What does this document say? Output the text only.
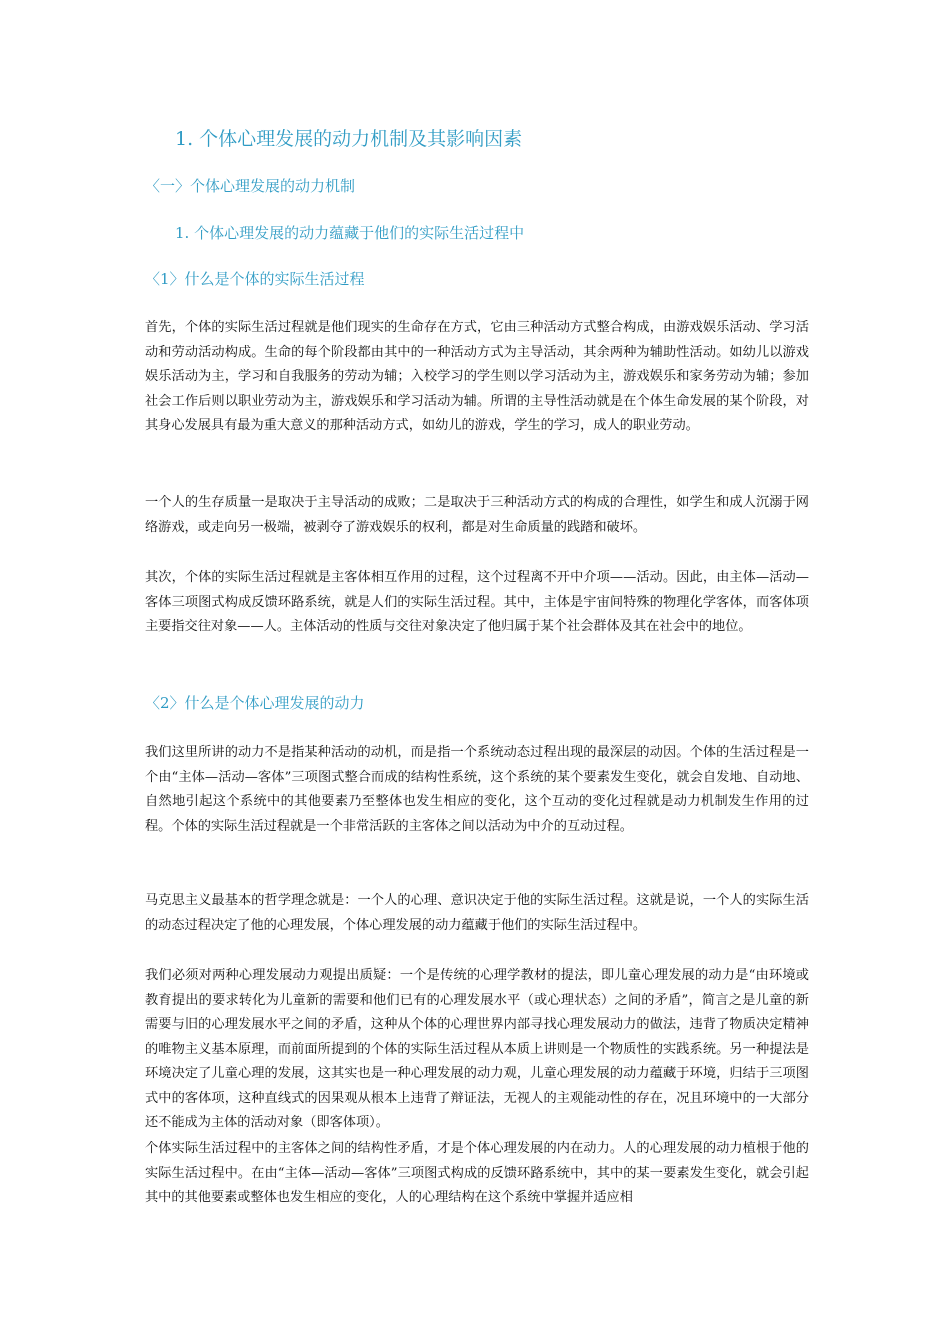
1. 个体心理发展的动力机制及其影响因素
〈一〉个体心理发展的动力机制
1. 个体心理发展的动力蕴藏于他们的实际生活过程中
〈1〉什么是个体的实际生活过程

首先，个体的实际生活过程就是他们现实的生命存在方式，它由三种活动方式整合构成，由游戏娱乐活动、学习活动和劳动活动构成。生命的每个阶段都由其中的一种活动方式为主导活动，其余两种为辅助性活动。如幼儿以游戏娱乐活动为主，学习和自我服务的劳动为辅；入校学习的学生则以学习活动为主，游戏娱乐和家务劳动为辅；参加社会工作后则以职业劳动为主，游戏娱乐和学习活动为辅。所谓的主导性活动就是在个体生命发展的某个阶段，对其身心发展具有最为重大意义的那种活动方式，如幼儿的游戏，学生的学习，成人的职业劳动。

一个人的生存质量一是取决于主导活动的成败；二是取决于三种活动方式的构成的合理性，如学生和成人沉溺于网络游戏，或走向另一极端，被剥夺了游戏娱乐的权利，都是对生命质量的践踏和破坏。

其次，个体的实际生活过程就是主客体相互作用的过程，这个过程离不开中介项——活动。因此，由主体—活动—客体三项图式构成反馈环路系统，就是人们的实际生活过程。其中，主体是宇宙间特殊的物理化学客体，而客体项主要指交往对象——人。主体活动的性质与交往对象决定了他归属于某个社会群体及其在社会中的地位。

〈2〉什么是个体心理发展的动力

我们这里所讲的动力不是指某种活动的动机，而是指一个系统动态过程出现的最深层的动因。个体的生活过程是一个由“主体—活动—客体”三项图式整合而成的结构性系统，这个系统的某个要素发生变化，就会自发地、自动地、自然地引起这个系统中的其他要素乃至整体也发生相应的变化，这个互动的变化过程就是动力机制发生作用的过程。个体的实际生活过程就是一个非常活跃的主客体之间以活动为中介的互动过程。

马克思主义最基本的哲学理念就是：一个人的心理、意识决定于他的实际生活过程。这就是说，一个人的实际生活的动态过程决定了他的心理发展，个体心理发展的动力蕴藏于他们的实际生活过程中。

我们必须对两种心理发展动力观提出质疑：一个是传统的心理学教材的提法，即儿童心理发展的动力是“由环境或教育提出的要求转化为儿童新的需要和他们已有的心理发展水平（或心理状态）之间的矛盾”，简言之是儿童的新需要与旧的心理发展水平之间的矛盾，这种从个体的心理世界内部寻找心理发展动力的做法，违背了物质决定精神的唯物主义基本原理，而前面所提到的个体的实际生活过程从本质上讲则是一个物质性的实践系统。另一种提法是环境决定了儿童心理的发展，这其实也是一种心理发展的动力观，儿童心理发展的动力蕴藏于环境，归结于三项图式中的客体项，这种直线式的因果观从根本上违背了辩证法，无视人的主观能动性的存在，况且环境中的一大部分还不能成为主体的活动对象（即客体项）。

个体实际生活过程中的主客体之间的结构性矛盾，才是个体心理发展的内在动力。人的心理发展的动力植根于他的实际生活过程中。在由“主体—活动—客体”三项图式构成的反馈环路系统中，其中的某一要素发生变化，就会引起其中的其他要素或整体也发生相应的变化，人的心理结构在这个系统中掌握并适应相
